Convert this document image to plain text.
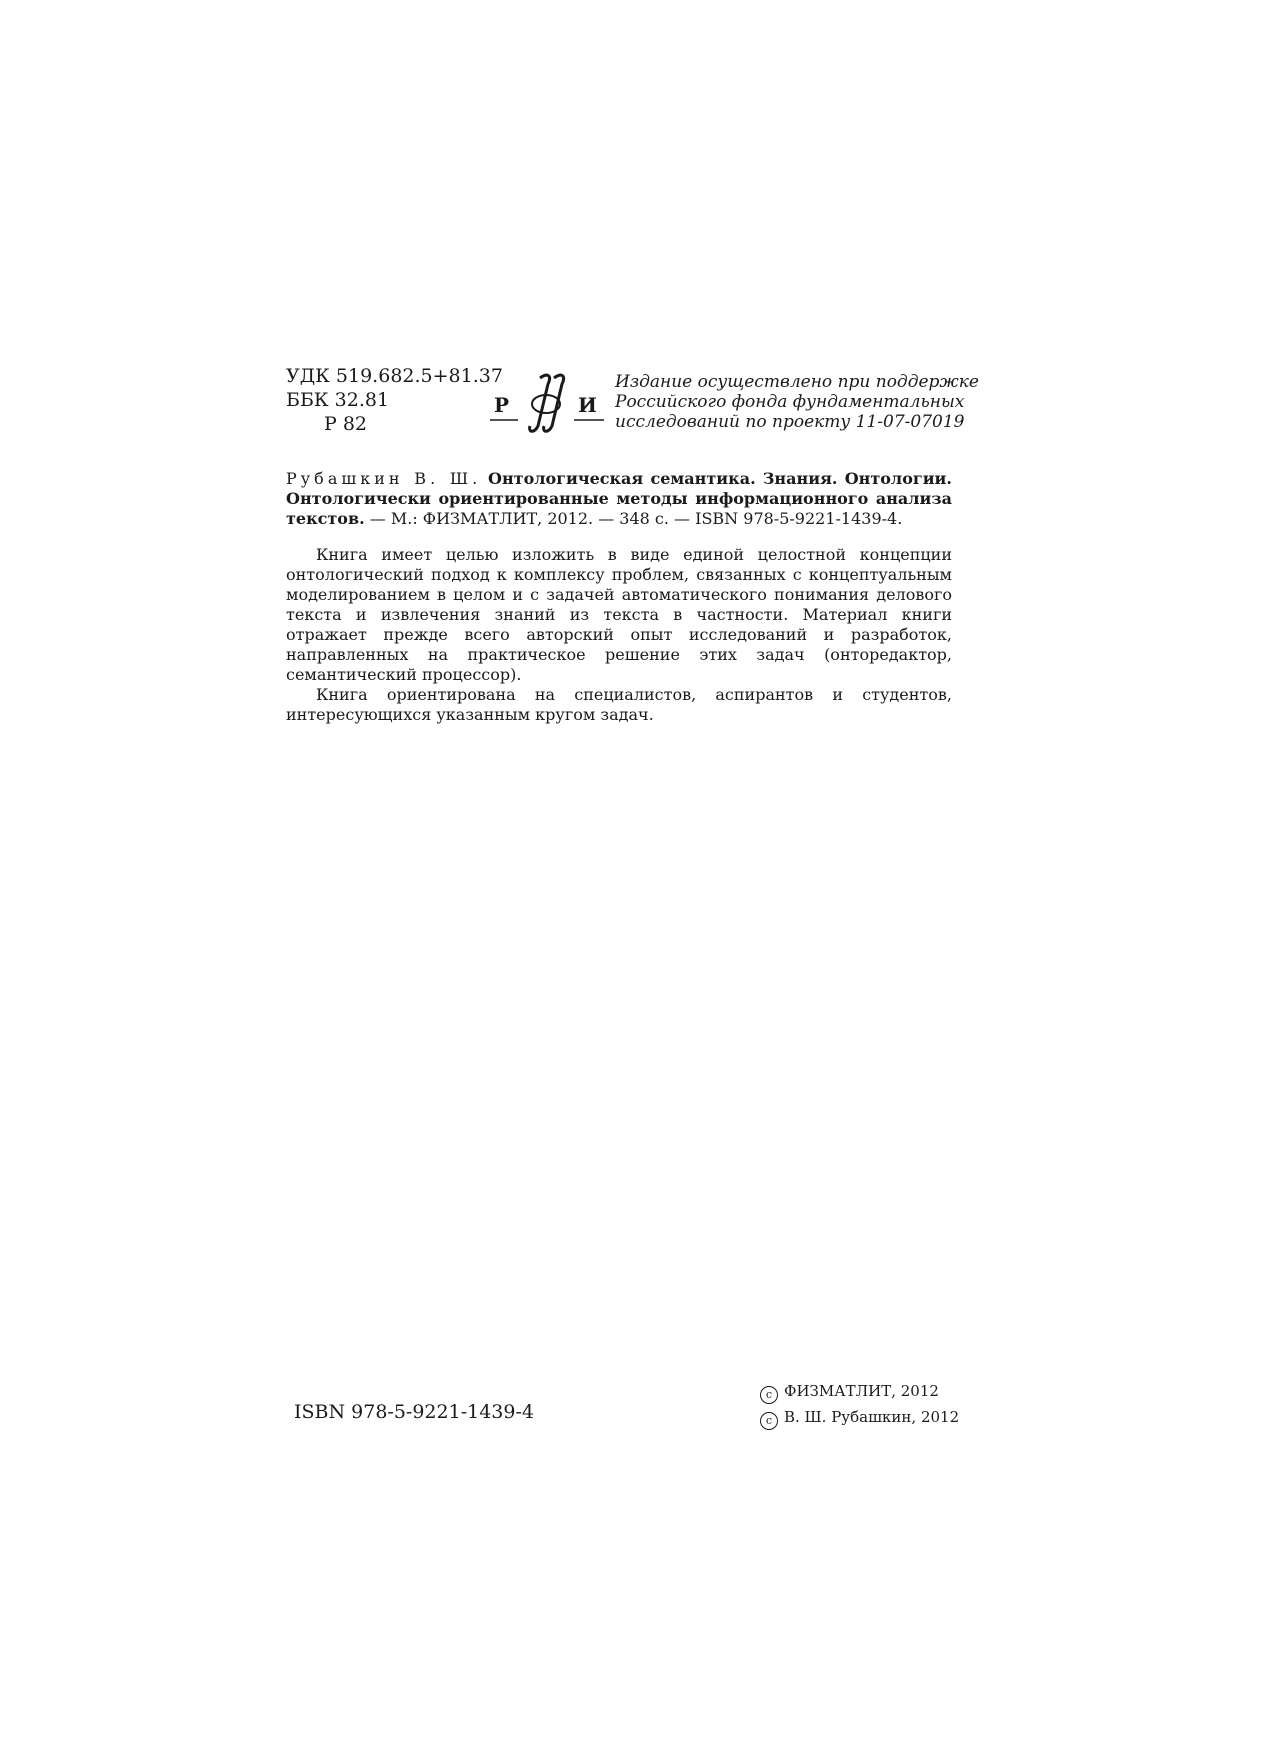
УДК 519.682.5+81.37
ББК 32.81
Р 82
Р	И
Издание осуществлено при поддержке
Российского фонда фундаментальных
исследований по проекту 11-07-07019
Рубашкин В. Ш. Онтологическая семантика. Знания. Онтологии. Онтологически ориентированные методы информационного анализа текстов. — М.: ФИЗМАТЛИТ, 2012. — 348 с. — ISBN 978-5-9221-1439-4.

Книга имеет целью изложить в виде единой целостной концепции онтологический подход к комплексу проблем, связанных с концептуальным моделированием в целом и с задачей автоматического понимания делового текста и извлечения знаний из текста в частности. Материал книги отражает прежде всего авторский опыт исследований и разработок, направленных на практическое решение этих задач (онторедактор, семантический процессор).

Книга ориентирована на специалистов, аспирантов и студентов, интересующихся указанным кругом задач.

ISBN 978-5-9221-1439-4
c ФИЗМАТЛИТ, 2012
c В. Ш. Рубашкин, 2012
